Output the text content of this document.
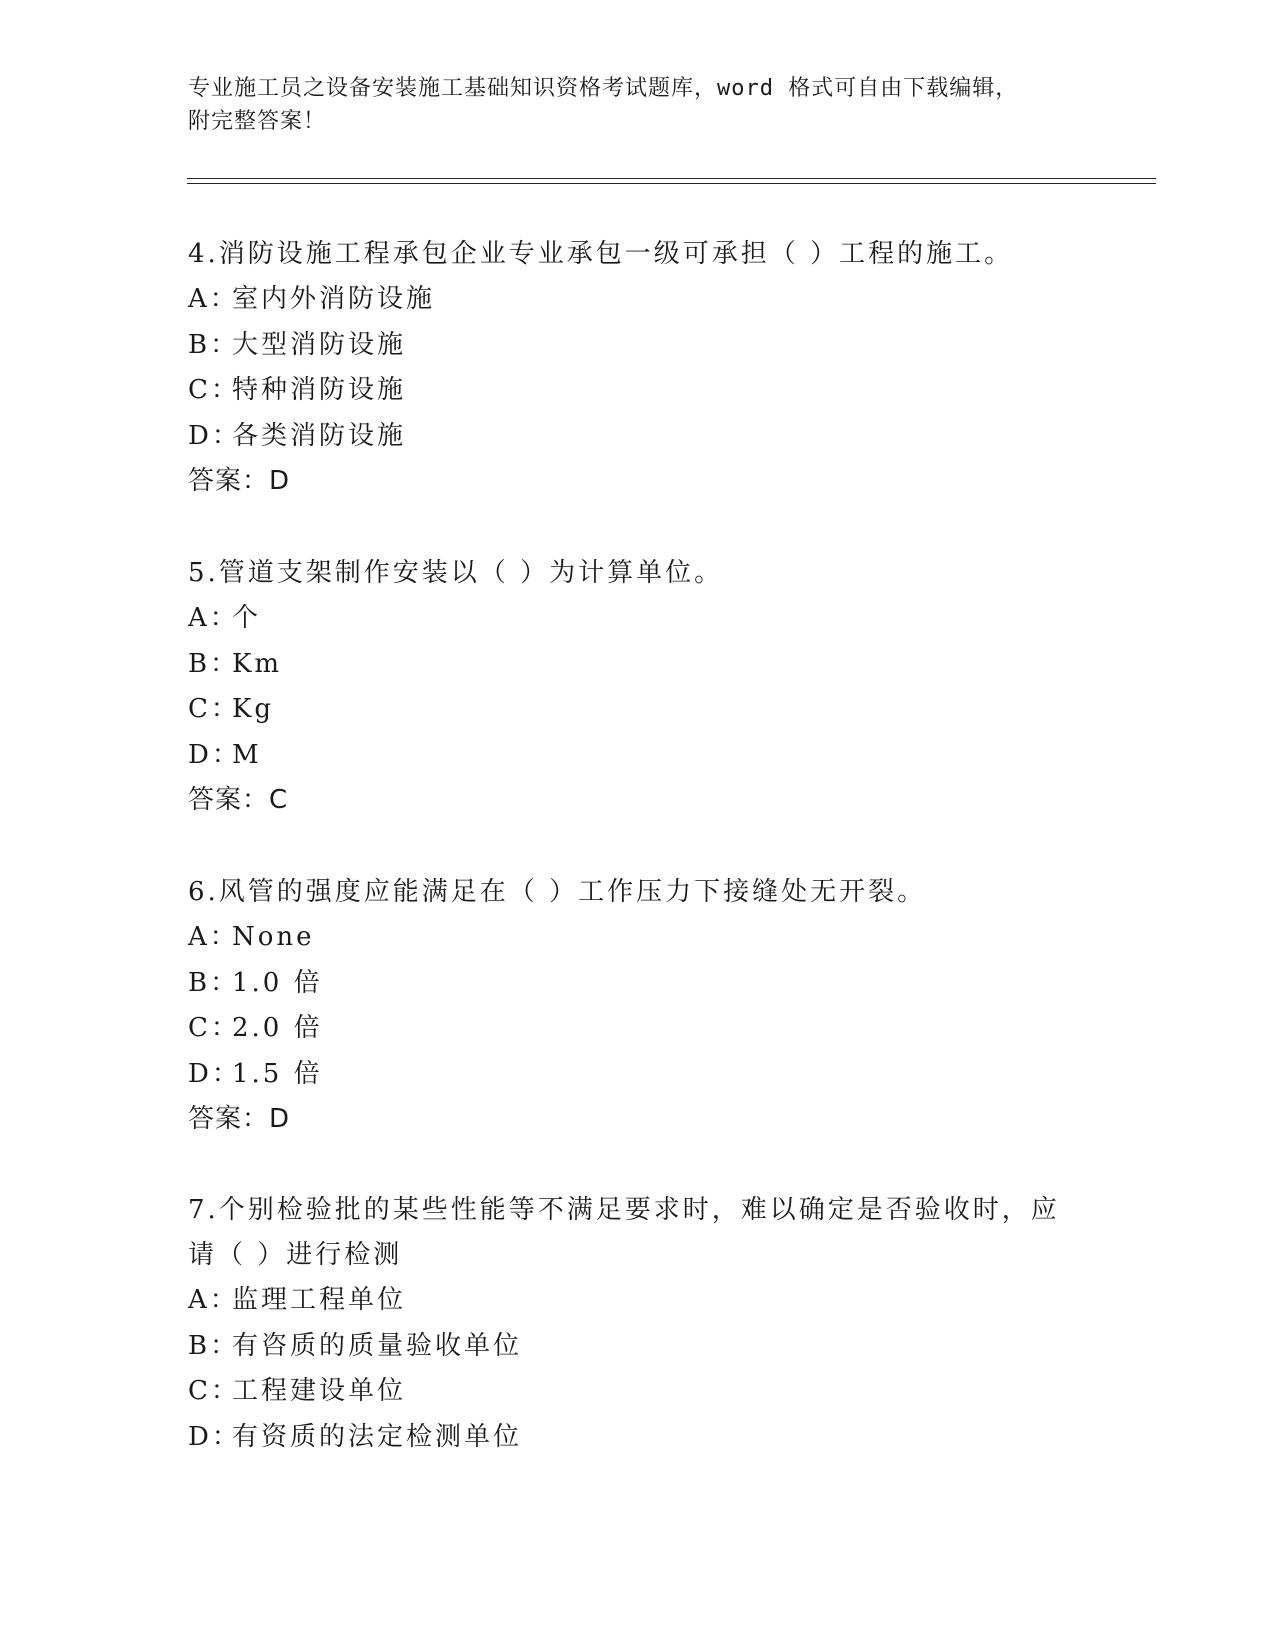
专业施工员之设备安装施工基础知识资格考试题库，word 格式可自由下载编辑，
附完整答案！
4.消防设施工程承包企业专业承包一级可承担（ ）工程的施工。
A：室内外消防设施
B：大型消防设施
C：特种消防设施
D：各类消防设施
答案：D
5.管道支架制作安装以（ ）为计算单位。
A：个
B：Km
C：Kg
D：M
答案：C
6.风管的强度应能满足在（ ）工作压力下接缝处无开裂。
A：None
B：1.0 倍
C：2.0 倍
D：1.5 倍
答案：D
7.个别检验批的某些性能等不满足要求时，难以确定是否验收时，应请（ ）进行检测
A：监理工程单位
B：有咨质的质量验收单位
C：工程建设单位
D：有资质的法定检测单位
